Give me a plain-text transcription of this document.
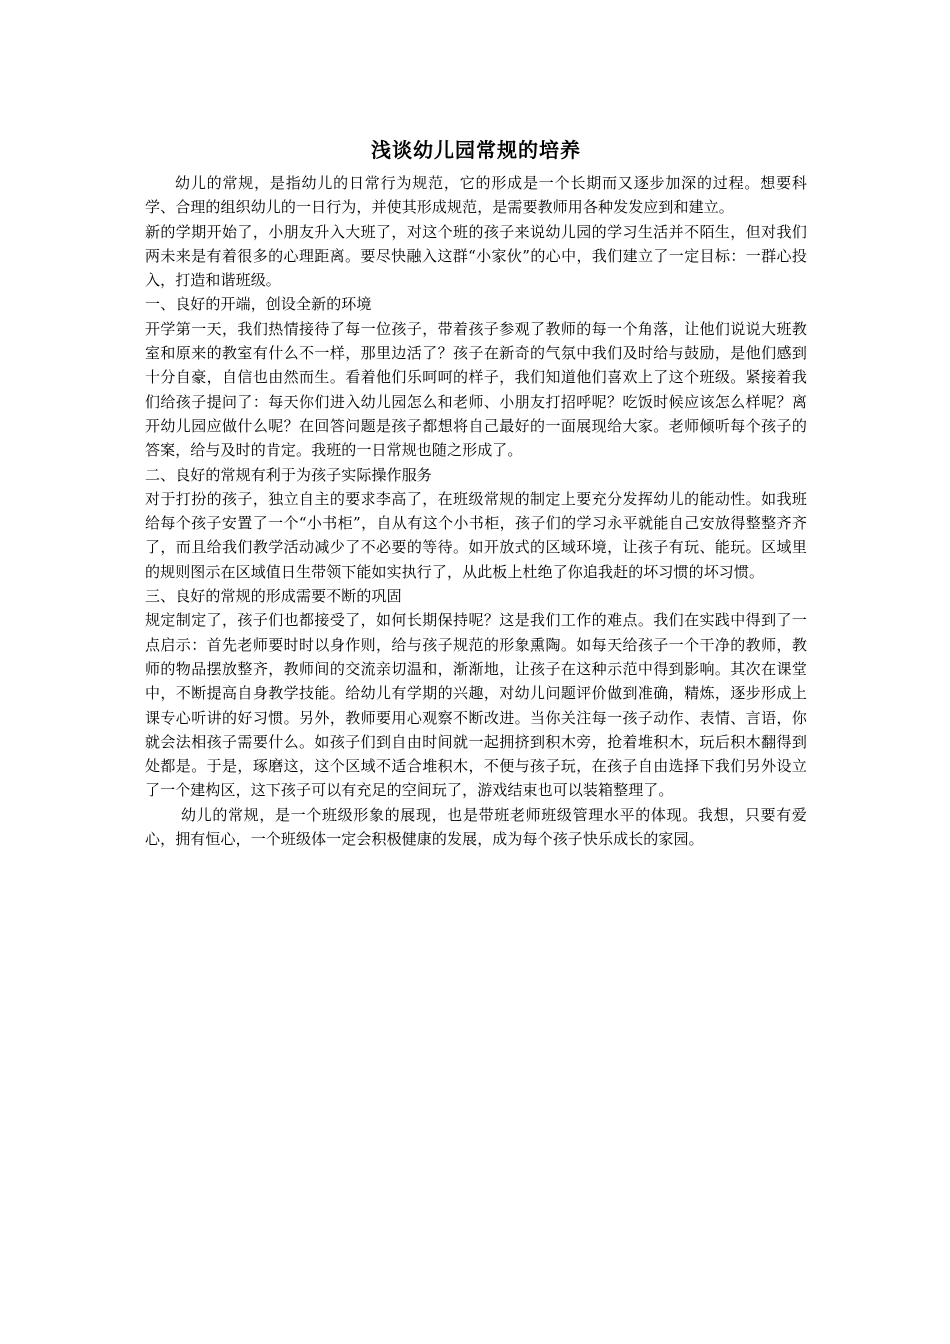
浅谈幼儿园常规的培养

幼儿的常规，是指幼儿的日常行为规范，它的形成是一个长期而又逐步加深的过程。想要科学、合理的组织幼儿的一日行为，并使其形成规范，是需要教师用各种发发应到和建立。

新的学期开始了，小朋友升入大班了，对这个班的孩子来说幼儿园的学习生活并不陌生，但对我们两未来是有着很多的心理距离。要尽快融入这群“小家伙”的心中，我们建立了一定目标：一群心投入，打造和谐班级。

一、良好的开端，创设全新的环境

开学第一天，我们热情接待了每一位孩子，带着孩子参观了教师的每一个角落，让他们说说大班教室和原来的教室有什么不一样，那里边活了？孩子在新奇的气氛中我们及时给与鼓励，是他们感到十分自豪，自信也由然而生。看着他们乐呵呵的样子，我们知道他们喜欢上了这个班级。紧接着我们给孩子提问了：每天你们进入幼儿园怎么和老师、小朋友打招呼呢？吃饭时候应该怎么样呢？离开幼儿园应做什么呢？在回答问题是孩子都想将自己最好的一面展现给大家。老师倾听每个孩子的答案，给与及时的肯定。我班的一日常规也随之形成了。

二、良好的常规有利于为孩子实际操作服务

对于打扮的孩子，独立自主的要求李高了，在班级常规的制定上要充分发挥幼儿的能动性。如我班给每个孩子安置了一个“小书柜”，自从有这个小书柜，孩子们的学习永平就能自己安放得整整齐齐了，而且给我们教学活动减少了不必要的等待。如开放式的区域环境，让孩子有玩、能玩。区域里的规则图示在区域值日生带领下能如实执行了，从此板上杜绝了你追我赶的坏习惯的坏习惯。

三、良好的常规的形成需要不断的巩固

规定制定了，孩子们也都接受了，如何长期保持呢？这是我们工作的难点。我们在实践中得到了一点启示：首先老师要时时以身作则，给与孩子规范的形象熏陶。如每天给孩子一个干净的教师，教师的物品摆放整齐，教师间的交流亲切温和，渐渐地，让孩子在这种示范中得到影响。其次在课堂中，不断提高自身教学技能。给幼儿有学期的兴趣，对幼儿问题评价做到准确，精炼，逐步形成上课专心听讲的好习惯。另外，教师要用心观察不断改进。当你关注每一孩子动作、表情、言语，你就会法相孩子需要什么。如孩子们到自由时间就一起拥挤到积木旁，抢着堆积木，玩后积木翻得到处都是。于是，琢磨这，这个区域不适合堆积木，不便与孩子玩，在孩子自由选择下我们另外设立了一个建构区，这下孩子可以有充足的空间玩了，游戏结束也可以装箱整理了。

幼儿的常规，是一个班级形象的展现，也是带班老师班级管理水平的体现。我想，只要有爱心，拥有恒心，一个班级体一定会积极健康的发展，成为每个孩子快乐成长的家园。
